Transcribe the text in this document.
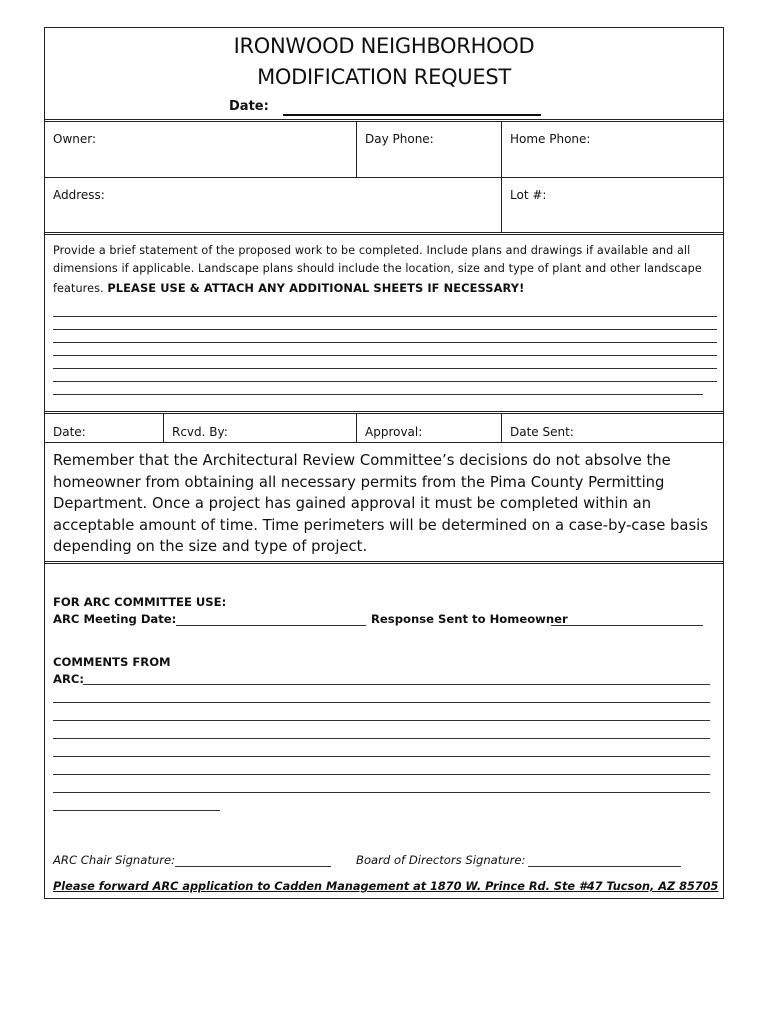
IRONWOOD NEIGHBORHOOD
MODIFICATION REQUEST
Date:
Owner:	Day Phone:	Home Phone:
Address:	Lot #:
Provide a brief statement of the proposed work to be completed. Include plans and drawings if available and all
dimensions if applicable. Landscape plans should include the location, size and type of plant and other landscape
features. PLEASE USE & ATTACH ANY ADDITIONAL SHEETS IF NECESSARY!
Date:	Rcvd. By:	Approval:	Date Sent:
Remember that the Architectural Review Committee’s decisions do not absolve the homeowner from obtaining all necessary permits from the Pima County Permitting Department. Once a project has gained approval it must be completed within an acceptable amount of time. Time perimeters will be determined on a case-by-case basis depending on the size and type of project.
FOR ARC COMMITTEE USE:
ARC Meeting Date:	Response Sent to Homeowner
COMMENTS FROM
ARC:
ARC Chair Signature:	Board of Directors Signature:
Please forward ARC application to Cadden Management at 1870 W. Prince Rd. Ste #47 Tucson, AZ 85705
